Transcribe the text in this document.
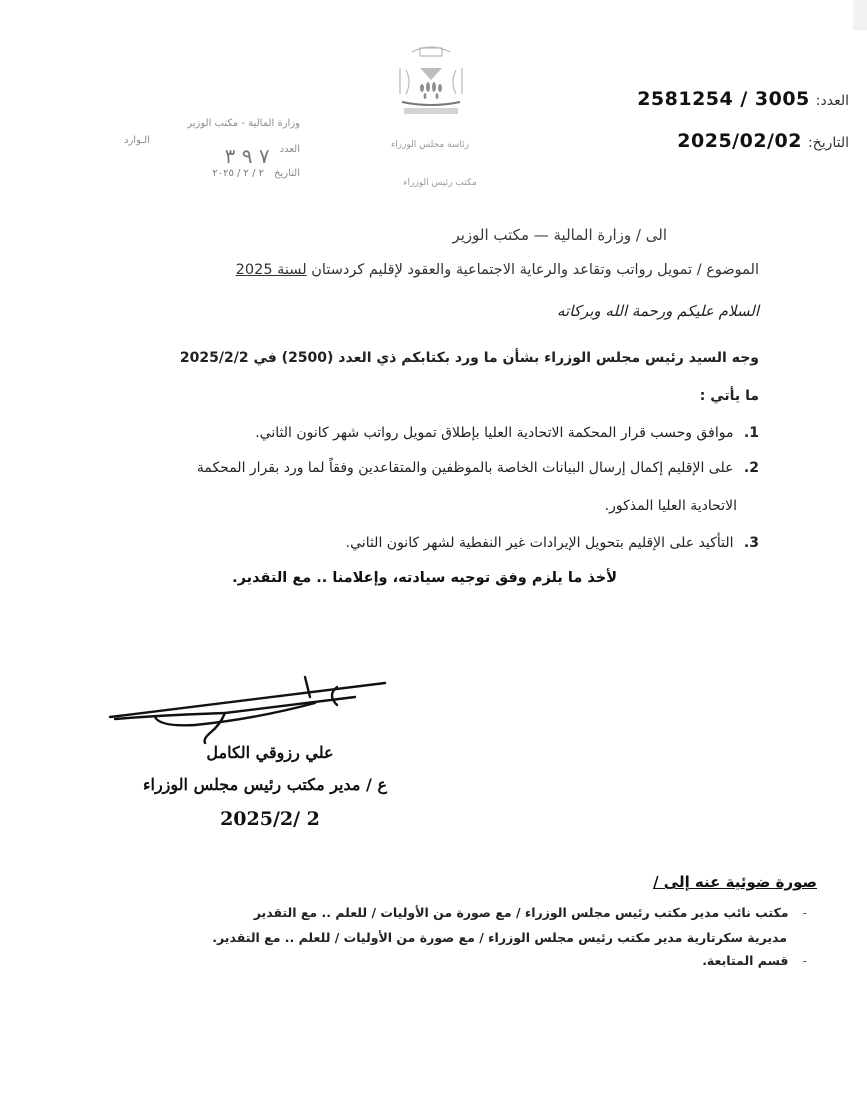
رئاسة مجلس الوزراء
مكتب رئيس الوزراء
العدد:
2581254 / 3005
التاريخ:
2025/02/02
وزارة المالية - مكتب الوزير
الـوارد
العدد
٧ ٩ ٣
التاريخ
٢ / ٢ / ٢٠٢٥
الى / وزارة المالية — مكتب الوزير
الموضوع / تمويل رواتب وتقاعد والرعاية الاجتماعية والعقود لإقليم كردستان لسنة 2025
السلام عليكم ورحمة الله وبركاته
وجه السيد رئيس مجلس الوزراء بشأن ما ورد بكتابكم ذي العدد (2500) في 2025/2/2
ما يأتي :
1. موافق وحسب قرار المحكمة الاتحادية العليا بإطلاق تمويل رواتب شهر كانون الثاني.
2. على الإقليم إكمال إرسال البيانات الخاصة بالموظفين والمتقاعدين وفقاً لما ورد بقرار المحكمة
الاتحادية العليا المذكور.
3. التأكيد على الإقليم بتحويل الإيرادات غير النفطية لشهر كانون الثاني.
لأخذ ما يلزم وفق توجيه سيادته، وإعلامنا .. مع التقدير.
علي رزوقي الكامل
ع / مدير مكتب رئيس مجلس الوزراء
2025/2/ 2
صورة ضوئية عنه إلى /
-
مكتب نائب مدير مكتب رئيس مجلس الوزراء / مع صورة من الأوليات / للعلم .. مع التقدير
مديرية سكرتارية مدير مكتب رئيس مجلس الوزراء / مع صورة من الأوليات / للعلم .. مع التقدير.
-
قسم المتابعة.
